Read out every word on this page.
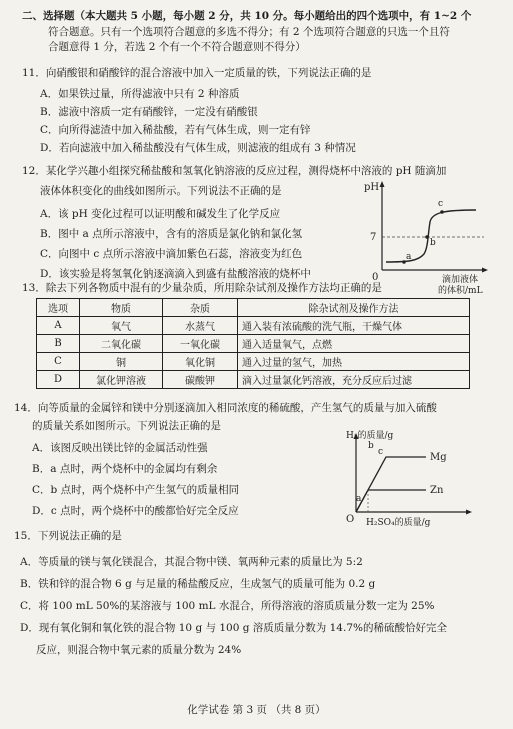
二、选择题（本大题共 5 小题，每小题 2 分，共 10 分。每小题给出的四个选项中，有 1~2 个
符合题意。只有一个选项符合题意的多选不得分；有 2 个选项符合题意的只选一个且符
合题意得 1 分，若选 2 个有一个不符合题意则不得分）
11．向硝酸银和硝酸锌的混合溶液中加入一定质量的铁，下列说法正确的是
A．如果铁过量，所得滤液中只有 2 种溶质
B．滤液中溶质一定有硝酸锌，一定没有硝酸银
C．向所得滤渣中加入稀盐酸，若有气体生成，则一定有锌
D．若向滤液中加入稀盐酸没有气体生成，则滤液的组成有 3 种情况
12．某化学兴趣小组探究稀盐酸和氢氧化钠溶液的反应过程，测得烧杯中溶液的 pH 随滴加
液体体积变化的曲线如图所示。下列说法不正确的是
A．该 pH 变化过程可以证明酸和碱发生了化学反应
B．图中 a 点所示溶液中，含有的溶质是氯化钠和氯化氢
C．向图中 c 点所示溶液中滴加紫色石蕊，溶液变为红色
D．该实验是将氢氧化钠逐滴滴入到盛有盐酸溶液的烧杯中
pH
7
0
a
b
c
滴加液体
的体积/mL
13．除去下列各物质中混有的少量杂质，所用除杂试剂及操作方法均正确的是
选项	物质	杂质	除杂试剂及操作方法
A	氧气	水蒸气	通入装有浓硫酸的洗气瓶，干燥气体
B	二氧化碳	一氧化碳	通入适量氧气，点燃
C	铜	氧化铜	通入过量的氢气，加热
D	氯化钾溶液	碳酸钾	滴入过量氯化钙溶液，充分反应后过滤
14．向等质量的金属锌和镁中分别逐滴加入相同浓度的稀硫酸，产生氢气的质量与加入硫酸
的质量关系如图所示。下列说法正确的是
A．该图反映出镁比锌的金属活动性强
B．a 点时，两个烧杯中的金属均有剩余
C．b 点时，两个烧杯中产生氢气的质量相同
D．c 点时，两个烧杯中的酸都恰好完全反应
H₂的质量/g
O H₂SO₄的质量/g
Mg
Zn
a
b
c
15．下列说法正确的是
A．等质量的镁与氧化镁混合，其混合物中镁、氧两种元素的质量比为 5:2
B．铁和锌的混合物 6 g 与足量的稀盐酸反应，生成氢气的质量可能为 0.2 g
C．将 100 mL 50%的某溶液与 100 mL 水混合，所得溶液的溶质质量分数一定为 25%
D．现有氧化铜和氧化铁的混合物 10 g 与 100 g 溶质质量分数为 14.7%的稀硫酸恰好完全
反应，则混合物中氧元素的质量分数为 24%
化学试卷 第 3 页 （共 8 页）
